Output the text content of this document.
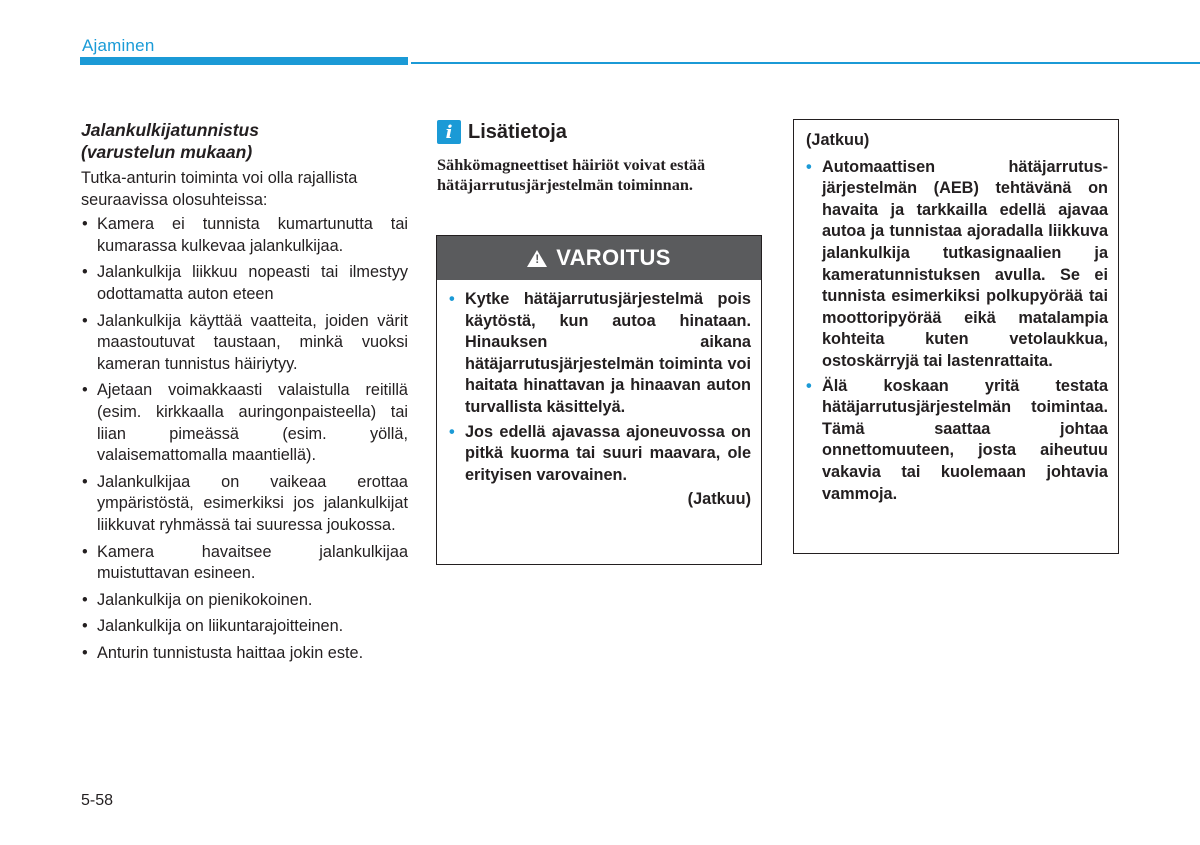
Ajaminen

Jalankulkijatunnistus
(varustelun mukaan)

Tutka-anturin toiminta voi olla rajallista seuraavissa olosuhteissa:

• Kamera ei tunnista kumartunutta tai kumarassa kulkevaa jalankulkijaa.
• Jalankulkija liikkuu nopeasti tai ilmestyy odottamatta auton eteen
• Jalankulkija käyttää vaatteita, joiden värit maastoutuvat taustaan, minkä vuoksi kameran tunnistus häiriytyy.
• Ajetaan voimakkaasti valaistulla reitillä (esim. kirkkaalla auringonpaisteella) tai liian pimeässä (esim. yöllä, valaisemattomalla maantiellä).
• Jalankulkijaa on vaikeaa erottaa ympäristöstä, esimerkiksi jos jalankulkijat liikkuvat ryhmässä tai suuressa joukossa.
• Kamera havaitsee jalankulkijaa muistuttavan esineen.
• Jalankulkija on pienikokoinen.
• Jalankulkija on liikuntarajoitteinen.
• Anturin tunnistusta haittaa jokin este.
i Lisätietoja
Sähkömagneettiset häiriöt voivat estää hätäjarrutusjärjestelmän toiminnan.
! VAROITUS
• Kytke hätäjarrutusjärjestelmä pois käytöstä, kun autoa hinataan. Hinauksen aikana hätäjarrutusjärjestelmän toiminta voi haitata hinattavan ja hinaavan auton turvallista käsittelyä.
• Jos edellä ajavassa ajoneuvossa on pitkä kuorma tai suuri maavara, ole erityisen varovainen.
(Jatkuu)
(Jatkuu)
• Automaattisen hätäjarrutusjärjestelmän (AEB) tehtävänä on havaita ja tarkkailla edellä ajavaa autoa ja tunnistaa ajoradalla liikkuva jalankulkija tutkasignaalien ja kameratunnistuksen avulla. Se ei tunnista esimerkiksi polkupyörää tai moottoripyörää eikä matalampia kohteita kuten vetolaukkua, ostoskärryjä tai lastenrattaita.
• Älä koskaan yritä testata hätäjarrutusjärjestelmän toimintaa. Tämä saattaa johtaa onnettomuuteen, josta aiheutuu vakavia tai kuolemaan johtavia vammoja.
5-58
